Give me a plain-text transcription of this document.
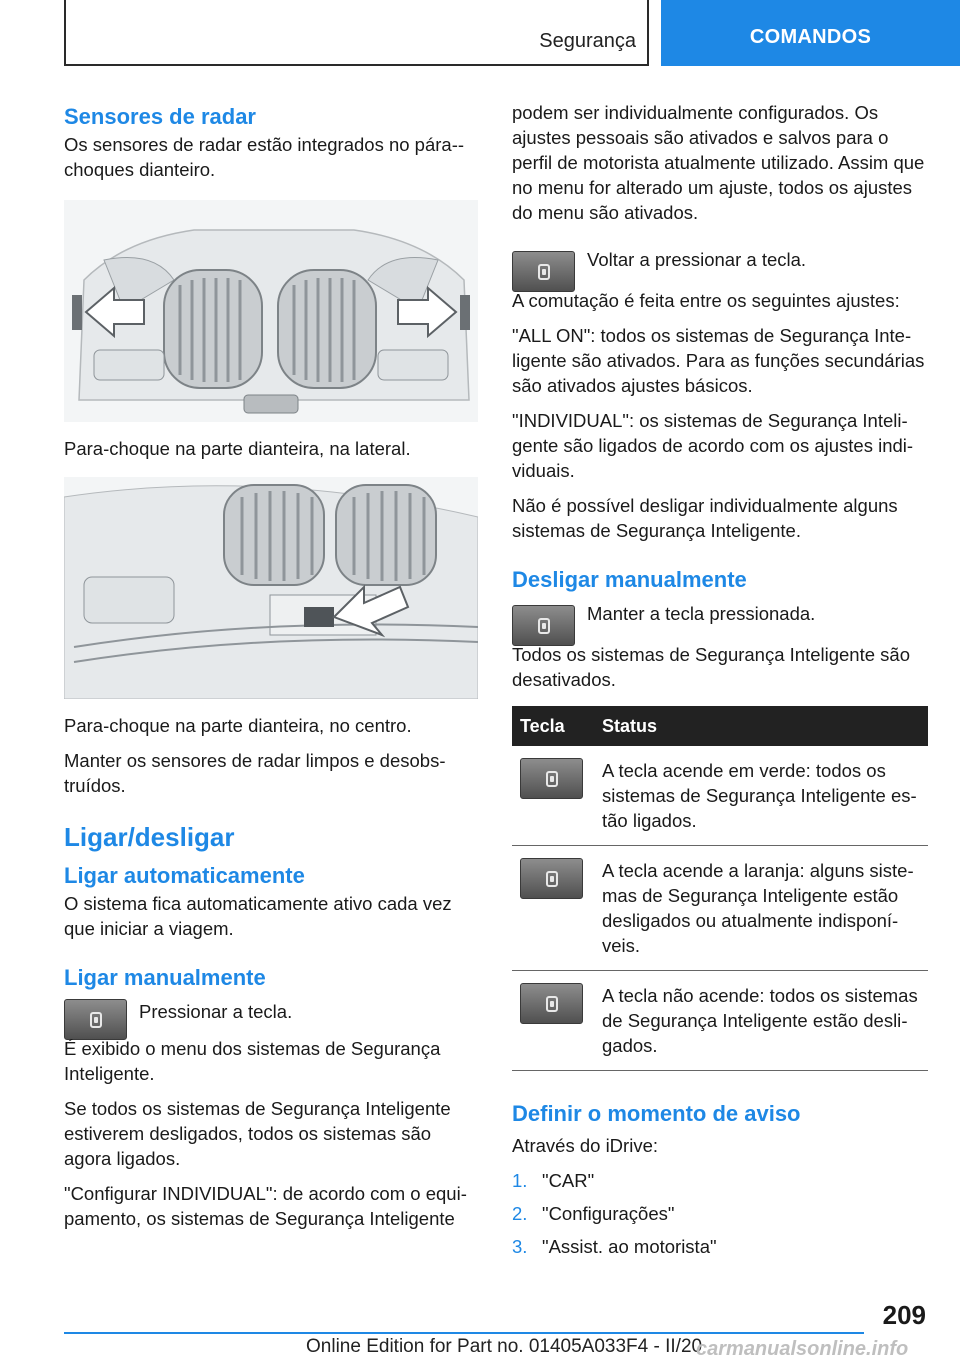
Segurança	COMANDOS
Sensores de radar

Os sensores de radar estão integrados no pára‑-choques dianteiro.

Para-choque na parte dianteira, na lateral.

Para-choque na parte dianteira, no centro.

Manter os sensores de radar limpos e desobstruídos.

Ligar/desligar
Ligar automaticamente

O sistema fica automaticamente ativo cada vez que iniciar a viagem.

Ligar manualmente

Pressionar a tecla.

É exibido o menu dos sistemas de Segurança Inteligente.

Se todos os sistemas de Segurança Inteligente estiverem desligados, todos os sistemas são agora ligados.

"Configurar INDIVIDUAL": de acordo com o equipamento, os sistemas de Segurança Inteligente

podem ser individualmente configurados. Os ajustes pessoais são ativados e salvos para o perfil de motorista atualmente utilizado. Assim que no menu for alterado um ajuste, todos os ajustes do menu são ativados.

Voltar a pressionar a tecla.

A comutação é feita entre os seguintes ajustes:

"ALL ON": todos os sistemas de Segurança Inteligente são ativados. Para as funções secundárias são ativados ajustes básicos.

"INDIVIDUAL": os sistemas de Segurança Inteligente são ligados de acordo com os ajustes individuais.

Não é possível desligar individualmente alguns sistemas de Segurança Inteligente.

Desligar manualmente

Manter a tecla pressionada.

Todos os sistemas de Segurança Inteligente são desativados.

Tecla	Status

	A tecla acende em verde: todos os sistemas de Segurança Inteligente estão ligados.

	A tecla acende a laranja: alguns sistemas de Segurança Inteligente estão desligados ou atualmente indisponíveis.

	A tecla não acende: todos os sistemas de Segurança Inteligente estão desligados.
Definir o momento de aviso

Através do iDrive:

1. "CAR"
2. "Configurações"
3. "Assist. ao motorista"
209
Online Edition for Part no. 01405A033F4 - II/20
carmanualsonline.info
